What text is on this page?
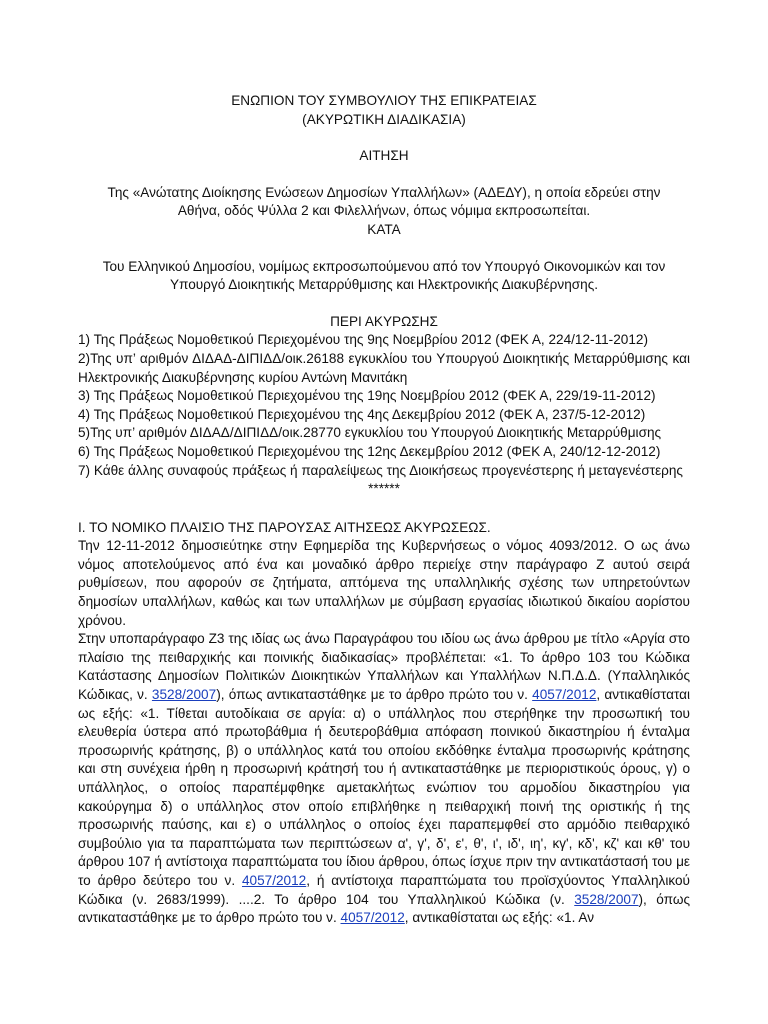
ΕΝΩΠΙΟΝ ΤΟΥ ΣΥΜΒΟΥΛΙΟΥ ΤΗΣ ΕΠΙΚΡΑΤΕΙΑΣ
(ΑΚΥΡΩΤΙΚΗ ΔΙΑΔΙΚΑΣΙΑ)
ΑΙΤΗΣΗ
Της «Ανώτατης Διοίκησης Ενώσεων Δημοσίων Υπαλλήλων» (ΑΔΕΔΥ), η οποία εδρεύει στην
Αθήνα, οδός Ψύλλα 2 και Φιλελλήνων, όπως νόμιμα εκπροσωπείται.
ΚΑΤΑ
Του Ελληνικού Δημοσίου, νομίμως εκπροσωπούμενου από τον Υπουργό Οικονομικών και τον
Υπουργό Διοικητικής Μεταρρύθμισης και Ηλεκτρονικής Διακυβέρνησης.
ΠΕΡΙ ΑΚΥΡΩΣΗΣ
1) Της Πράξεως Νομοθετικού Περιεχομένου της 9ης Νοεμβρίου 2012 (ΦΕΚ Α, 224/12-11-2012)
2)Της υπ’ αριθμόν ΔΙΔΑΔ-ΔΙΠΙΔΔ/οικ.26188 εγκυκλίου του Υπουργού Διοικητικής Μεταρρύθμισης και Ηλεκτρονικής Διακυβέρνησης κυρίου Αντώνη Μανιτάκη
3) Της Πράξεως Νομοθετικού Περιεχομένου της 19ης Νοεμβρίου 2012 (ΦΕΚ Α, 229/19-11-2012)
4) Της Πράξεως Νομοθετικού Περιεχομένου της 4ης Δεκεμβρίου 2012 (ΦΕΚ Α, 237/5-12-2012)
5)Της υπ’ αριθμόν ΔΙΔΑΔ/ΔΙΠΙΔΔ/οικ.28770 εγκυκλίου του Υπουργού Διοικητικής Μεταρρύθμισης
6) Της Πράξεως Νομοθετικού Περιεχομένου της 12ης Δεκεμβρίου 2012 (ΦΕΚ Α, 240/12-12-2012)
7) Κάθε άλλης συναφούς πράξεως ή παραλείψεως της Διοικήσεως προγενέστερης ή μεταγενέστερης
******
Ι. ΤΟ ΝΟΜΙΚΟ ΠΛΑΙΣΙΟ ΤΗΣ ΠΑΡΟΥΣΑΣ ΑΙΤΗΣΕΩΣ ΑΚΥΡΩΣΕΩΣ.
Την 12-11-2012 δημοσιεύτηκε στην Εφημερίδα της Κυβερνήσεως ο νόμος 4093/2012. Ο ως άνω νόμος αποτελούμενος από ένα και μοναδικό άρθρο περιείχε στην παράγραφο Ζ αυτού σειρά ρυθμίσεων, που αφορούν σε ζητήματα, απτόμενα της υπαλληλικής σχέσης των υπηρετούντων δημοσίων υπαλλήλων, καθώς και των υπαλλήλων με σύμβαση εργασίας ιδιωτικού δικαίου αορίστου χρόνου.
Στην υποπαράγραφο Ζ3 της ιδίας ως άνω Παραγράφου του ιδίου ως άνω άρθρου με τίτλο «Αργία στο πλαίσιο της πειθαρχικής και ποινικής διαδικασίας» προβλέπεται: «1. Το άρθρο 103 του Κώδικα Κατάστασης Δημοσίων Πολιτικών Διοικητικών Υπαλλήλων και Υπαλλήλων Ν.Π.Δ.Δ. (Υπαλληλικός Κώδικας, ν. 3528/2007), όπως αντικαταστάθηκε με το άρθρο πρώτο του ν. 4057/2012, αντικαθίσταται ως εξής: «1. Τίθεται αυτοδίκαια σε αργία: α) ο υπάλληλος που στερήθηκε την προσωπική του ελευθερία ύστερα από πρωτοβάθμια ή δευτεροβάθμια απόφαση ποινικού δικαστηρίου ή ένταλμα προσωρινής κράτησης, β) ο υπάλληλος κατά του οποίου εκδόθηκε ένταλμα προσωρινής κράτησης και στη συνέχεια ήρθη η προσωρινή κράτησή του ή αντικαταστάθηκε με περιοριστικούς όρους, γ) ο υπάλληλος, ο οποίος παραπέμφθηκε αμετακλήτως ενώπιον του αρμοδίου δικαστηρίου για κακούργημα δ) ο υπάλληλος στον οποίο επιβλήθηκε η πειθαρχική ποινή της οριστικής ή της προσωρινής παύσης, και ε) ο υπάλληλος ο οποίος έχει παραπεμφθεί στο αρμόδιο πειθαρχικό συμβούλιο για τα παραπτώματα των περιπτώσεων α', γ', δ', ε', θ', ι', ιδ', ιη', κγ', κδ', κζ' και κθ' του άρθρου 107 ή αντίστοιχα παραπτώματα του ίδιου άρθρου, όπως ίσχυε πριν την αντικατάστασή του με το άρθρο δεύτερο του ν. 4057/2012, ή αντίστοιχα παραπτώματα του προϊσχύοντος Υπαλληλικού Κώδικα (ν. 2683/1999). ....2. Το άρθρο 104 του Υπαλληλικού Κώδικα (ν. 3528/2007), όπως αντικαταστάθηκε με το άρθρο πρώτο του ν. 4057/2012, αντικαθίσταται ως εξής: «1. Αν
